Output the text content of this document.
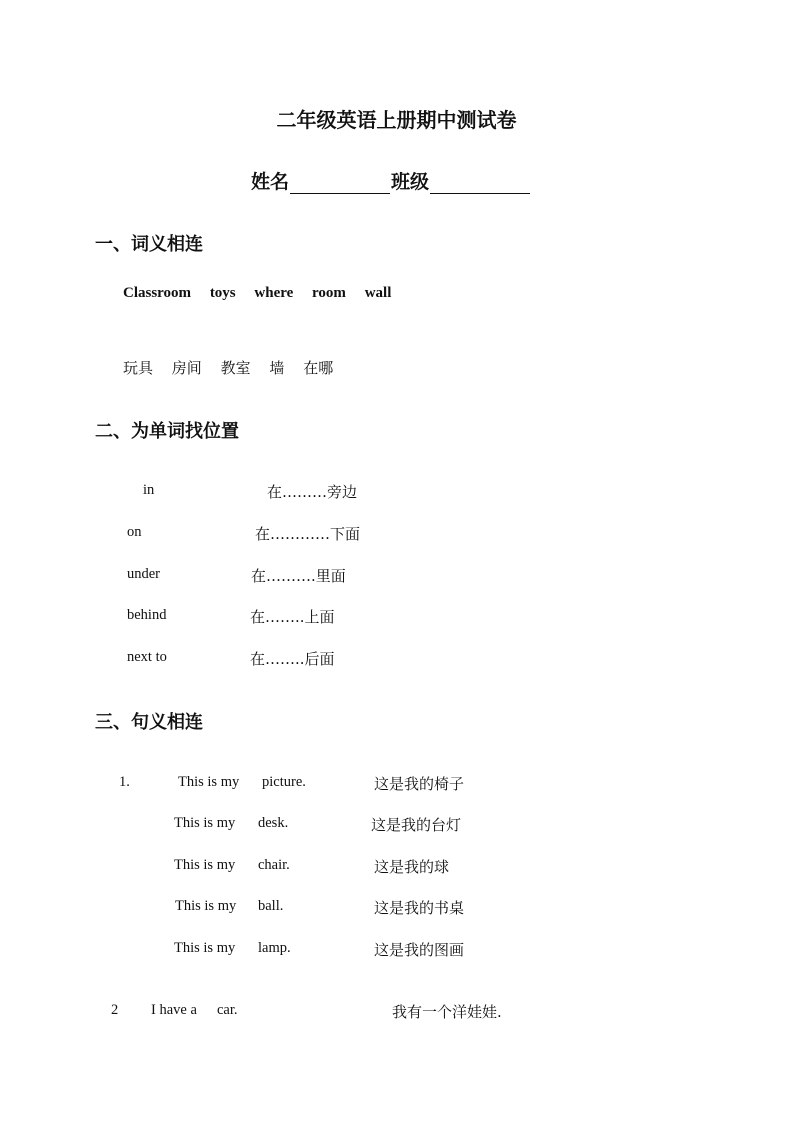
二年级英语上册期中测试卷
姓名	班级
一、词义相连
Classroom toys where room wall
玩具 房间 教室 墙 在哪
二、为单词找位置
in	在………旁边
on	在…………下面
under	在……….里面
behind	在……..上面
next to	在……..后面
三、句义相连
1.	This is my picture.	这是我的椅子
This is my desk.	这是我的台灯
This is my chair.	这是我的球
This is my ball.	这是我的书桌
This is my lamp.	这是我的图画
2 I have a car.	我有一个洋娃娃.
